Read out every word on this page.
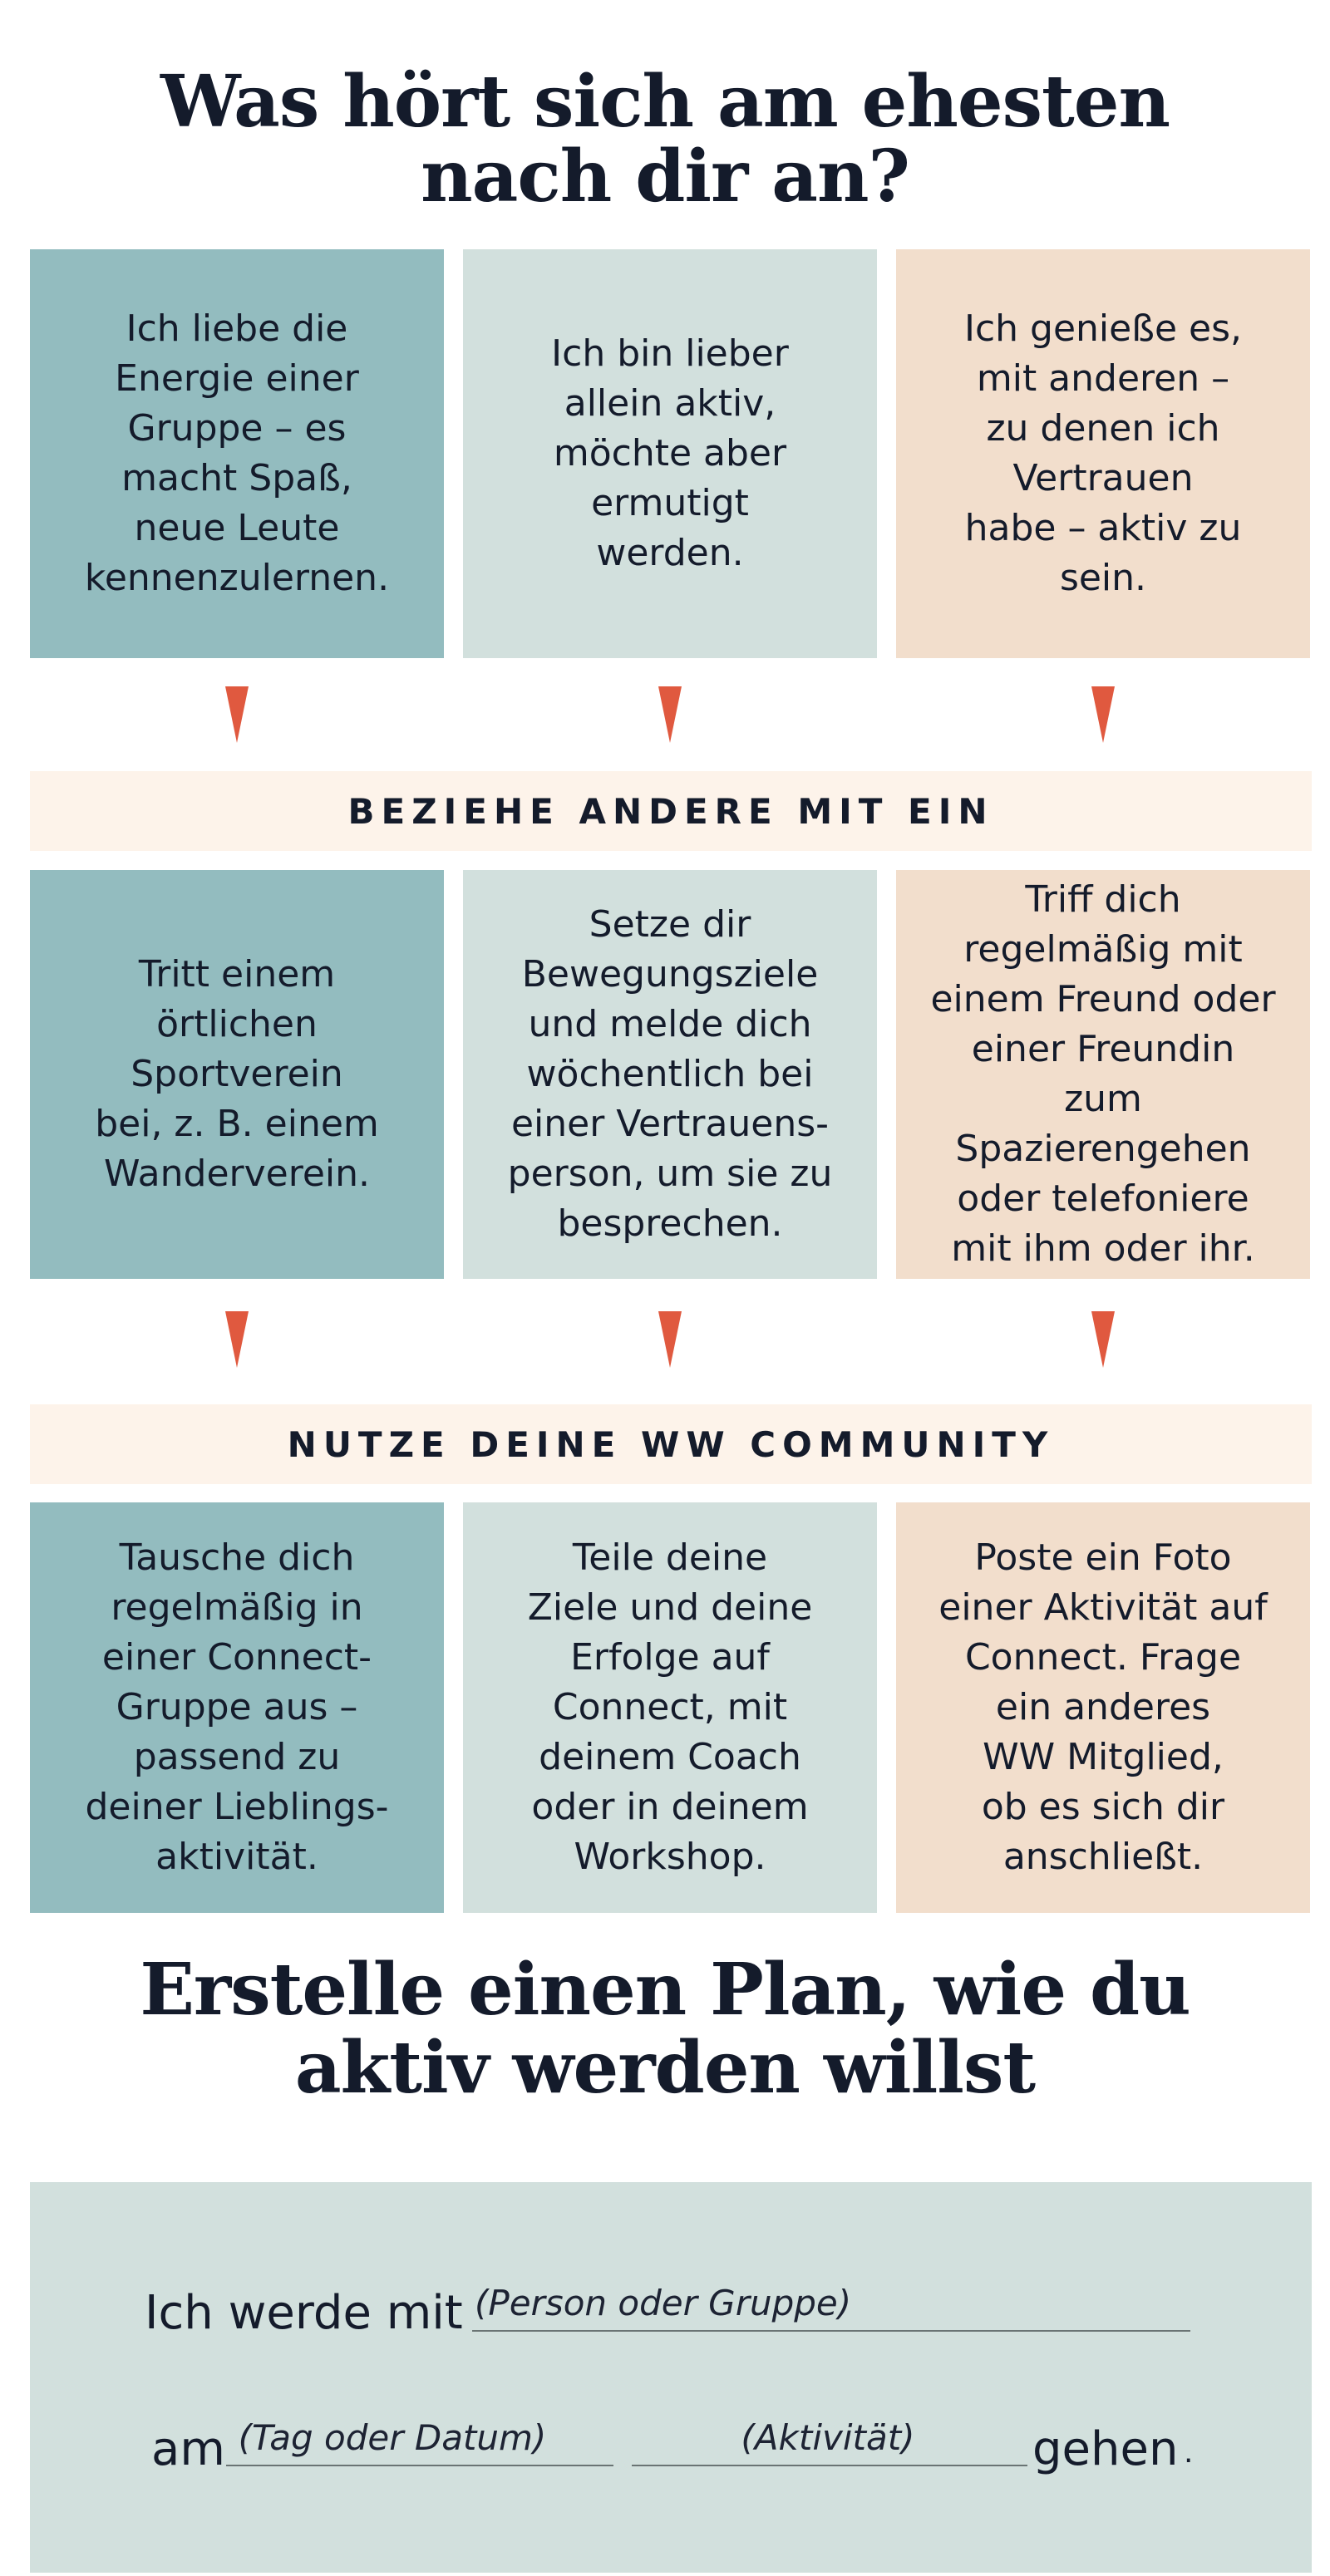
Was hört sich am ehesten
nach dir an?
Ich liebe die
Energie einer
Gruppe – es
macht Spaß,
neue Leute
kennenzulernen.
Ich bin lieber
allein aktiv,
möchte aber
ermutigt
werden.
Ich genieße es,
mit anderen –
zu denen ich
Vertrauen
habe – aktiv zu
sein.
BEZIEHE ANDERE MIT EIN
Tritt einem
örtlichen
Sportverein
bei, z. B. einem
Wanderverein.
Setze dir
Bewegungsziele
und melde dich
wöchentlich bei
einer Vertrauens-
person, um sie zu
besprechen.
Triff dich
regelmäßig mit
einem Freund oder
einer Freundin zum
Spazierengehen
oder telefoniere
mit ihm oder ihr.
NUTZE DEINE WW COMMUNITY
Tausche dich
regelmäßig in
einer Connect-
Gruppe aus –
passend zu
deiner Lieblings-
aktivität.
Teile deine
Ziele und deine
Erfolge auf
Connect, mit
deinem Coach
oder in deinem
Workshop.
Poste ein Foto
einer Aktivität auf
Connect. Frage
ein anderes
WW Mitglied,
ob es sich dir
anschließt.
Erstelle einen Plan, wie du
aktiv werden willst
Ich werde mit (Person oder Gruppe)
am (Tag oder Datum)	(Aktivität)	gehen .
